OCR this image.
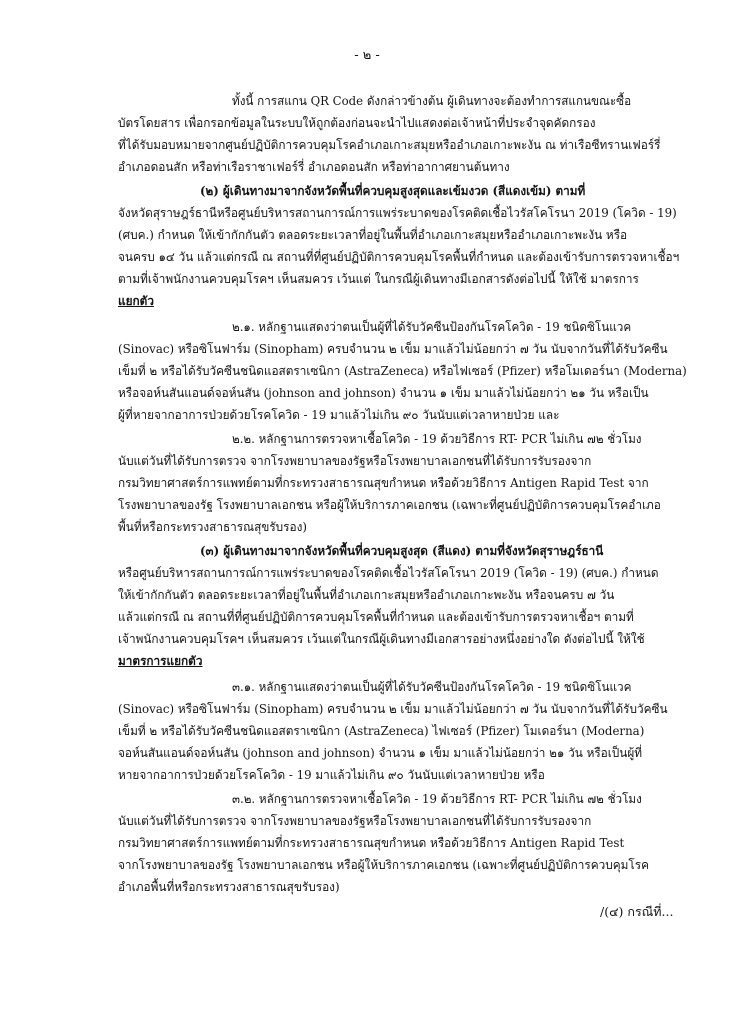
- ๒ -
ทั้งนี้ การสแกน QR Code ดังกล่าวข้างต้น ผู้เดินทางจะต้องทำการสแกนขณะซื้อ
บัตรโดยสาร เพื่อกรอกข้อมูลในระบบให้ถูกต้องก่อนจะนำไปแสดงต่อเจ้าหน้าที่ประจำจุดคัดกรอง
ที่ได้รับมอบหมายจากศูนย์ปฏิบัติการควบคุมโรคอำเภอเกาะสมุยหรืออำเภอเกาะพะงัน ณ ท่าเรือซีทรานเฟอร์รี่
อำเภอดอนสัก หรือท่าเรือราชาเฟอร์รี่ อำเภอดอนสัก หรือท่าอากาศยานต้นทาง
(๒) ผู้เดินทางมาจากจังหวัดพื้นที่ควบคุมสูงสุดและเข้มงวด (สีแดงเข้ม) ตามที่
จังหวัดสุราษฎร์ธานีหรือศูนย์บริหารสถานการณ์การแพร่ระบาดของโรคติดเชื้อไวรัสโคโรนา 2019 (โควิด - 19)
(ศบค.) กำหนด ให้เข้ากักกันตัว ตลอดระยะเวลาที่อยู่ในพื้นที่อำเภอเกาะสมุยหรืออำเภอเกาะพะงัน หรือ
จนครบ ๑๔ วัน แล้วแต่กรณี ณ สถานที่ที่ศูนย์ปฏิบัติการควบคุมโรคพื้นที่กำหนด และต้องเข้ารับการตรวจหาเชื้อฯ
ตามที่เจ้าพนักงานควบคุมโรคฯ เห็นสมควร เว้นแต่ ในกรณีผู้เดินทางมีเอกสารดังต่อไปนี้ ให้ใช้ มาตรการ
แยกตัว
๒.๑. หลักฐานแสดงว่าตนเป็นผู้ที่ได้รับวัคซีนป้องกันโรคโควิด - 19 ชนิดซิโนแวค
(Sinovac) หรือซิโนฟาร์ม (Sinopham) ครบจำนวน ๒ เข็ม มาแล้วไม่น้อยกว่า ๗ วัน นับจากวันที่ได้รับวัคซีน
เข็มที่ ๒ หรือได้รับวัคซีนชนิดแอสตราเซนิกา (AstraZeneca) หรือไฟเซอร์ (Pfizer) หรือโมเดอร์นา (Moderna)
หรือจอห์นสันแอนด์จอห์นสัน (johnson and johnson) จำนวน ๑ เข็ม มาแล้วไม่น้อยกว่า ๒๑ วัน หรือเป็น
ผู้ที่หายจากอาการป่วยด้วยโรคโควิด - 19 มาแล้วไม่เกิน ๙๐ วันนับแต่เวลาหายป่วย และ
๒.๒. หลักฐานการตรวจหาเชื้อโควิด - 19 ด้วยวิธีการ RT- PCR ไม่เกิน ๗๒ ชั่วโมง
นับแต่วันที่ได้รับการตรวจ จากโรงพยาบาลของรัฐหรือโรงพยาบาลเอกชนที่ได้รับการรับรองจาก
กรมวิทยาศาสตร์การแพทย์ตามที่กระทรวงสาธารณสุขกำหนด หรือด้วยวิธีการ Antigen Rapid Test จาก
โรงพยาบาลของรัฐ โรงพยาบาลเอกชน หรือผู้ให้บริการภาคเอกชน (เฉพาะที่ศูนย์ปฏิบัติการควบคุมโรคอำเภอ
พื้นที่หรือกระทรวงสาธารณสุขรับรอง)
(๓) ผู้เดินทางมาจากจังหวัดพื้นที่ควบคุมสูงสุด (สีแดง) ตามที่จังหวัดสุราษฎร์ธานี
หรือศูนย์บริหารสถานการณ์การแพร่ระบาดของโรคติดเชื้อไวรัสโคโรนา 2019 (โควิด - 19) (ศบค.) กำหนด
ให้เข้ากักกันตัว ตลอดระยะเวลาที่อยู่ในพื้นที่อำเภอเกาะสมุยหรืออำเภอเกาะพะงัน หรือจนครบ ๗ วัน
แล้วแต่กรณี ณ สถานที่ที่ศูนย์ปฏิบัติการควบคุมโรคพื้นที่กำหนด และต้องเข้ารับการตรวจหาเชื้อฯ ตามที่
เจ้าพนักงานควบคุมโรคฯ เห็นสมควร เว้นแต่ในกรณีผู้เดินทางมีเอกสารอย่างหนึ่งอย่างใด ดังต่อไปนี้ ให้ใช้
มาตรการแยกตัว
๓.๑. หลักฐานแสดงว่าตนเป็นผู้ที่ได้รับวัคซีนป้องกันโรคโควิด - 19 ชนิดซิโนแวค
(Sinovac) หรือซิโนฟาร์ม (Sinopham) ครบจำนวน ๒ เข็ม มาแล้วไม่น้อยกว่า ๗ วัน นับจากวันที่ได้รับวัคซีน
เข็มที่ ๒ หรือได้รับวัคซีนชนิดแอสตราเซนิกา (AstraZeneca) ไฟเซอร์ (Pfizer) โมเดอร์นา (Moderna)
จอห์นสันแอนด์จอห์นสัน (johnson and johnson) จำนวน ๑ เข็ม มาแล้วไม่น้อยกว่า ๒๑ วัน หรือเป็นผู้ที่
หายจากอาการป่วยด้วยโรคโควิด - 19 มาแล้วไม่เกิน ๙๐ วันนับแต่เวลาหายป่วย หรือ
๓.๒. หลักฐานการตรวจหาเชื้อโควิด - 19 ด้วยวิธีการ RT- PCR ไม่เกิน ๗๒ ชั่วโมง
นับแต่วันที่ได้รับการตรวจ จากโรงพยาบาลของรัฐหรือโรงพยาบาลเอกชนที่ได้รับการรับรองจาก
กรมวิทยาศาสตร์การแพทย์ตามที่กระทรวงสาธารณสุขกำหนด หรือด้วยวิธีการ Antigen Rapid Test
จากโรงพยาบาลของรัฐ โรงพยาบาลเอกชน หรือผู้ให้บริการภาคเอกชน (เฉพาะที่ศูนย์ปฏิบัติการควบคุมโรค
อำเภอพื้นที่หรือกระทรวงสาธารณสุขรับรอง)
/(๔) กรณีที่...
